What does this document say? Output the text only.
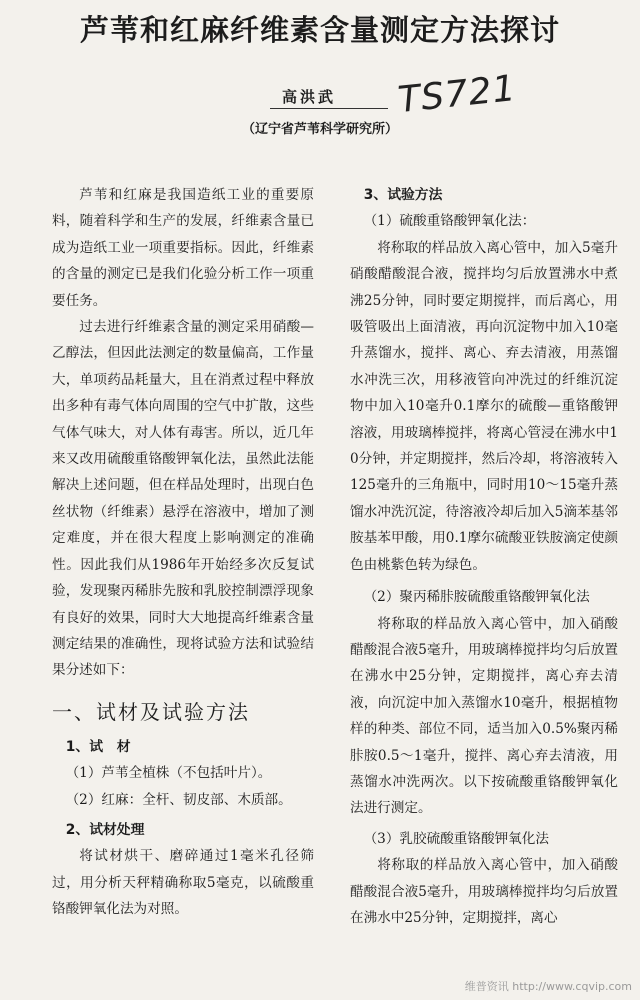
芦苇和红麻纤维素含量测定方法探讨
高洪武 TS721
（辽宁省芦苇科学研究所）

芦苇和红麻是我国造纸工业的重要原料，随着科学和生产的发展，纤维素含量已成为造纸工业一项重要指标。因此，纤维素的含量的测定已是我们化验分析工作一项重要任务。

过去进行纤维素含量的测定采用硝酸—乙醇法，但因此法测定的数量偏高，工作量大，单项药品耗量大，且在消煮过程中释放出多种有毒气体向周围的空气中扩散，这些气体气味大，对人体有毒害。所以，近几年来又改用硫酸重铬酸钾氧化法，虽然此法能解决上述问题，但在样品处理时，出现白色丝状物（纤维素）悬浮在溶液中，增加了测定难度，并在很大程度上影响测定的准确性。因此我们从1986年开始经多次反复试验，发现聚丙稀胩先胺和乳胶控制漂浮现象有良好的效果，同时大大地提高纤维素含量测定结果的准确性，现将试验方法和试验结果分述如下：

一、试材及试验方法
1、试　材

（1）芦苇全植株（不包括叶片）。

（2）红麻：全杆、韧皮部、木质部。

2、试材处理

将试材烘干、磨碎通过1毫米孔径筛过，用分析天秤精确称取5毫克，以硫酸重铬酸钾氧化法为对照。

3、试验方法
（1）硫酸重铬酸钾氧化法：

将称取的样品放入离心管中，加入5毫升硝酸醋酸混合液，搅拌均匀后放置沸水中煮沸25分钟，同时要定期搅拌，而后离心，用吸管吸出上面清液，再向沉淀物中加入10毫升蒸馏水，搅拌、离心、弃去清液，用蒸馏水冲洗三次，用移液管向冲洗过的纤维沉淀物中加入10毫升0.1摩尔的硫酸—重铬酸钾溶液，用玻璃棒搅拌，将离心管浸在沸水中10分钟，并定期搅拌，然后冷却，将溶液转入125毫升的三角瓶中，同时用10～15毫升蒸馏水冲洗沉淀，待溶液冷却后加入5滴苯基邻胺基苯甲酸，用0.1摩尔硫酸亚铁胺滴定使颜色由桃紫色转为绿色。

（2）聚丙稀胩胺硫酸重铬酸钾氧化法

将称取的样品放入离心管中，加入硝酸醋酸混合液5毫升，用玻璃棒搅拌均匀后放置在沸水中25分钟，定期搅拌，离心弃去清液，向沉淀中加入蒸馏水10毫升，根据植物样的种类、部位不同，适当加入0.5%聚丙稀胩胺0.5～1毫升，搅拌、离心弃去清液，用蒸馏水冲洗两次。以下按硫酸重铬酸钾氧化法进行测定。

（3）乳胶硫酸重铬酸钾氧化法

将称取的样品放入离心管中，加入硝酸醋酸混合液5毫升，用玻璃棒搅拌均匀后放置在沸水中25分钟，定期搅拌，离心

维普资讯 http://www.cqvip.com
